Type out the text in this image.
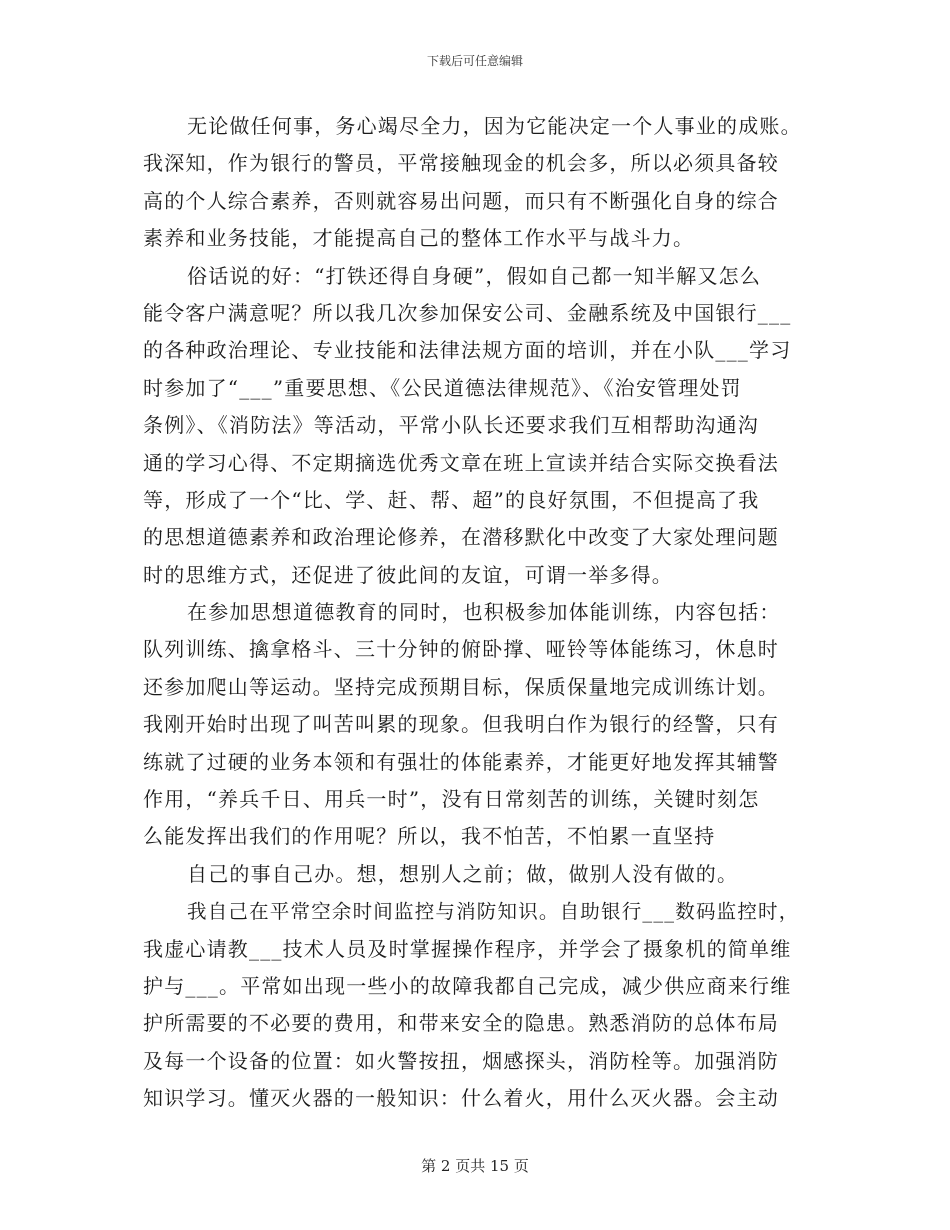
下载后可任意编辑
无论做任何事，务心竭尽全力，因为它能决定一个人事业的成账。
我深知，作为银行的警员，平常接触现金的机会多，所以必须具备较
高的个人综合素养，否则就容易出问题，而只有不断强化自身的综合
素养和业务技能，才能提高自己的整体工作水平与战斗力。
俗话说的好：“打铁还得自身硬”，假如自己都一知半解又怎么
能令客户满意呢？所以我几次参加保安公司、金融系统及中国银行___
的各种政治理论、专业技能和法律法规方面的培训，并在小队___学习
时参加了“___”重要思想、《公民道德法律规范》、《治安管理处罚
条例》、《消防法》等活动，平常小队长还要求我们互相帮助沟通沟
通的学习心得、不定期摘选优秀文章在班上宣读并结合实际交换看法
等，形成了一个“比、学、赶、帮、超”的良好氛围，不但提高了我
的思想道德素养和政治理论修养，在潜移默化中改变了大家处理问题
时的思维方式，还促进了彼此间的友谊，可谓一举多得。
在参加思想道德教育的同时，也积极参加体能训练，内容包括：
队列训练、擒拿格斗、三十分钟的俯卧撑、哑铃等体能练习，休息时
还参加爬山等运动。坚持完成预期目标，保质保量地完成训练计划。
我刚开始时出现了叫苦叫累的现象。但我明白作为银行的经警，只有
练就了过硬的业务本领和有强壮的体能素养，才能更好地发挥其辅警
作用，“养兵千日、用兵一时”，没有日常刻苦的训练，关键时刻怎
么能发挥出我们的作用呢？所以，我不怕苦，不怕累一直坚持
自己的事自己办。想，想别人之前；做，做别人没有做的。
我自己在平常空余时间监控与消防知识。自助银行___数码监控时，
我虚心请教___技术人员及时掌握操作程序，并学会了摄象机的简单维
护与___。平常如出现一些小的故障我都自己完成，减少供应商来行维
护所需要的不必要的费用，和带来安全的隐患。熟悉消防的总体布局
及每一个设备的位置：如火警按扭，烟感探头，消防栓等。加强消防
知识学习。懂灭火器的一般知识：什么着火，用什么灭火器。会主动
第 2 页共 15 页
